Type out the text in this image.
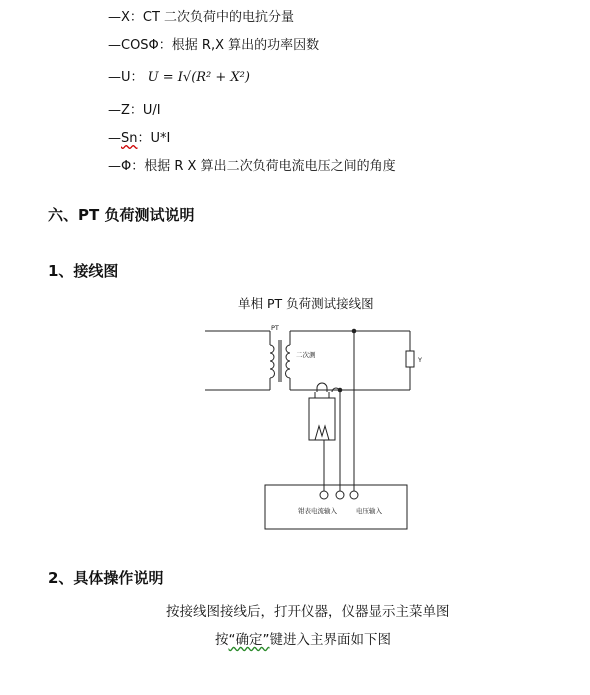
—X：CT 二次负荷中的电抗分量
—COSΦ：根据 R,X 算出的功率因数
—U： U = I√(R² + X²)
—Z：U/I
—Sn：U*I
—Φ：根据 R X 算出二次负荷电流电压之间的角度
六、PT 负荷测试说明
1、接线图
单相 PT 负荷测试接线图
PT
二次测
Y
钳表电流输入	电压输入
2、具体操作说明
按接线图接线后，打开仪器，仪器显示主菜单图
按“确定”键进入主界面如下图
